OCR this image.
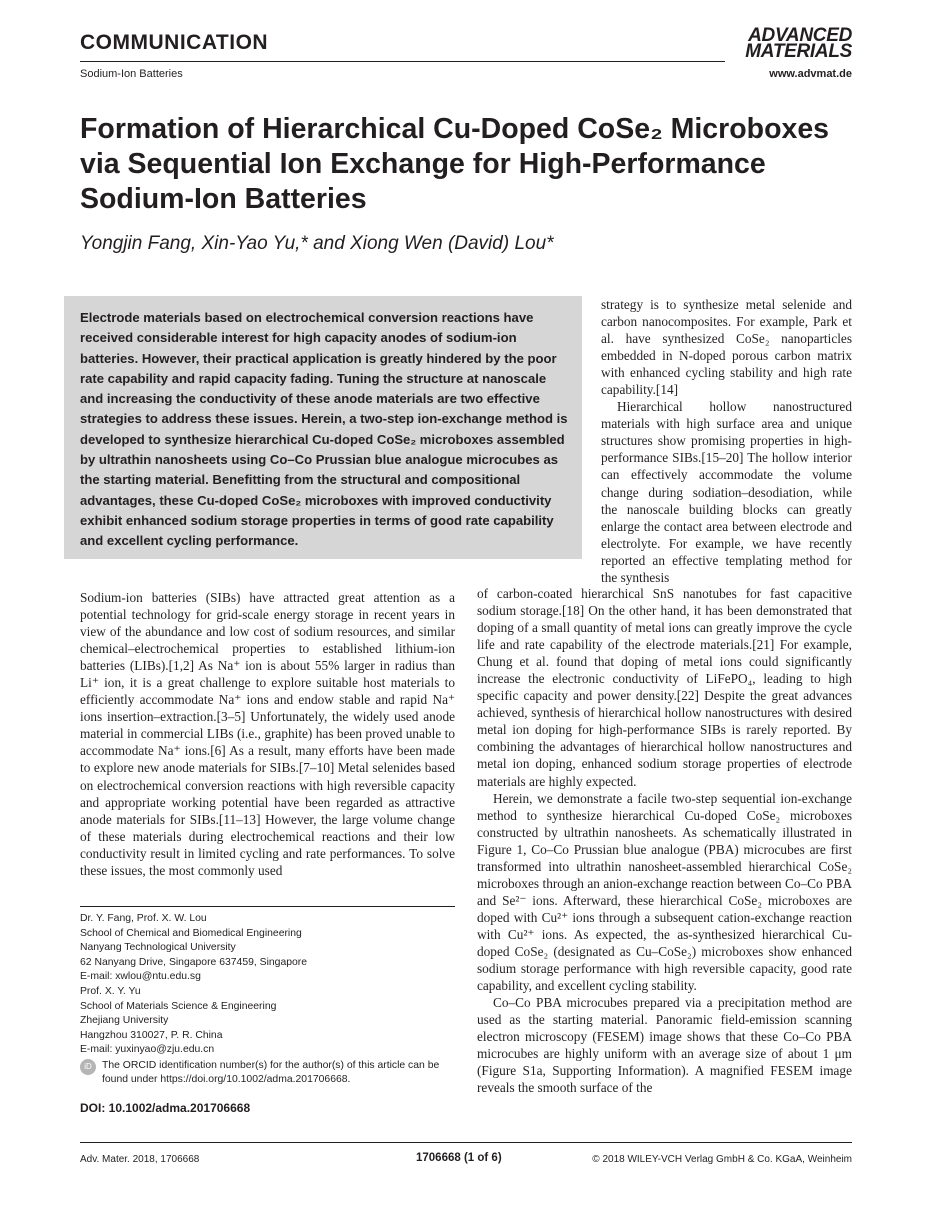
COMMUNICATION	ADVANCED
MATERIALS
Sodium-Ion Batteries	www.advmat.de
Formation of Hierarchical Cu-Doped CoSe₂ Microboxes via Sequential Ion Exchange for High-Performance Sodium-Ion Batteries
Yongjin Fang, Xin-Yao Yu,* and Xiong Wen (David) Lou*
Electrode materials based on electrochemical conversion reactions have received considerable interest for high capacity anodes of sodium-ion batteries. However, their practical application is greatly hindered by the poor rate capability and rapid capacity fading. Tuning the structure at nanoscale and increasing the conductivity of these anode materials are two effective strategies to address these issues. Herein, a two-step ion-exchange method is developed to synthesize hierarchical Cu-doped CoSe₂ microboxes assembled by ultrathin nanosheets using Co–Co Prussian blue analogue microcubes as the starting material. Benefitting from the structural and compositional advantages, these Cu-doped CoSe₂ microboxes with improved conductivity exhibit enhanced sodium storage properties in terms of good rate capability and excellent cycling performance.

strategy is to synthesize metal selenide and carbon nanocomposites. For example, Park et al. have synthesized CoSe₂ nanoparticles embedded in N-doped porous carbon matrix with enhanced cycling stability and high rate capability.[14]

Hierarchical hollow nanostructured materials with high surface area and unique structures show promising properties in high-performance SIBs.[15–20] The hollow interior can effectively accommodate the volume change during sodiation–desodiation, while the nanoscale building blocks can greatly enlarge the contact area between electrode and electrolyte. For example, we have recently reported an effective templating method for the synthesis

Sodium-ion batteries (SIBs) have attracted great attention as a potential technology for grid-scale energy storage in recent years in view of the abundance and low cost of sodium resources, and similar chemical–electrochemical properties to established lithium-ion batteries (LIBs).[1,2] As Na⁺ ion is about 55% larger in radius than Li⁺ ion, it is a great challenge to explore suitable host materials to efficiently accommodate Na⁺ ions and endow stable and rapid Na⁺ ions insertion–extraction.[3–5] Unfortunately, the widely used anode material in commercial LIBs (i.e., graphite) has been proved unable to accommodate Na⁺ ions.[6] As a result, many efforts have been made to explore new anode materials for SIBs.[7–10] Metal selenides based on electrochemical conversion reactions with high reversible capacity and appropriate working potential have been regarded as attractive anode materials for SIBs.[11–13] However, the large volume change of these materials during electrochemical reactions and their low conductivity result in limited cycling and rate performances. To solve these issues, the most commonly used

of carbon-coated hierarchical SnS nanotubes for fast capacitive sodium storage.[18] On the other hand, it has been demonstrated that doping of a small quantity of metal ions can greatly improve the cycle life and rate capability of the electrode materials.[21] For example, Chung et al. found that doping of metal ions could significantly increase the electronic conductivity of LiFePO₄, leading to high specific capacity and power density.[22] Despite the great advances achieved, synthesis of hierarchical hollow nanostructures with desired metal ion doping for high-performance SIBs is rarely reported. By combining the advantages of hierarchical hollow nanostructures and metal ion doping, enhanced sodium storage properties of electrode materials are highly expected.

Herein, we demonstrate a facile two-step sequential ion-exchange method to synthesize hierarchical Cu-doped CoSe₂ microboxes constructed by ultrathin nanosheets. As schematically illustrated in Figure 1, Co–Co Prussian blue analogue (PBA) microcubes are first transformed into ultrathin nanosheet-assembled hierarchical CoSe₂ microboxes through an anion-exchange reaction between Co–Co PBA and Se²⁻ ions. Afterward, these hierarchical CoSe₂ microboxes are doped with Cu²⁺ ions through a subsequent cation-exchange reaction with Cu²⁺ ions. As expected, the as-synthesized hierarchical Cu-doped CoSe₂ (designated as Cu–CoSe₂) microboxes show enhanced sodium storage performance with high reversible capacity, good rate capability, and excellent cycling stability.

Co–Co PBA microcubes prepared via a precipitation method are used as the starting material. Panoramic field-emission scanning electron microscopy (FESEM) image shows that these Co–Co PBA microcubes are highly uniform with an average size of about 1 μm (Figure S1a, Supporting Information). A magnified FESEM image reveals the smooth surface of the

Dr. Y. Fang, Prof. X. W. Lou
School of Chemical and Biomedical Engineering
Nanyang Technological University
62 Nanyang Drive, Singapore 637459, Singapore
E-mail: xwlou@ntu.edu.sg
Prof. X. Y. Yu
School of Materials Science & Engineering
Zhejiang University
Hangzhou 310027, P. R. China
E-mail: yuxinyao@zju.edu.cn
iD The ORCID identification number(s) for the author(s) of this article can be found under https://doi.org/10.1002/adma.201706668.
DOI: 10.1002/adma.201706668
Adv. Mater. 2018, 1706668	1706668 (1 of 6)	© 2018 WILEY-VCH Verlag GmbH & Co. KGaA, Weinheim
